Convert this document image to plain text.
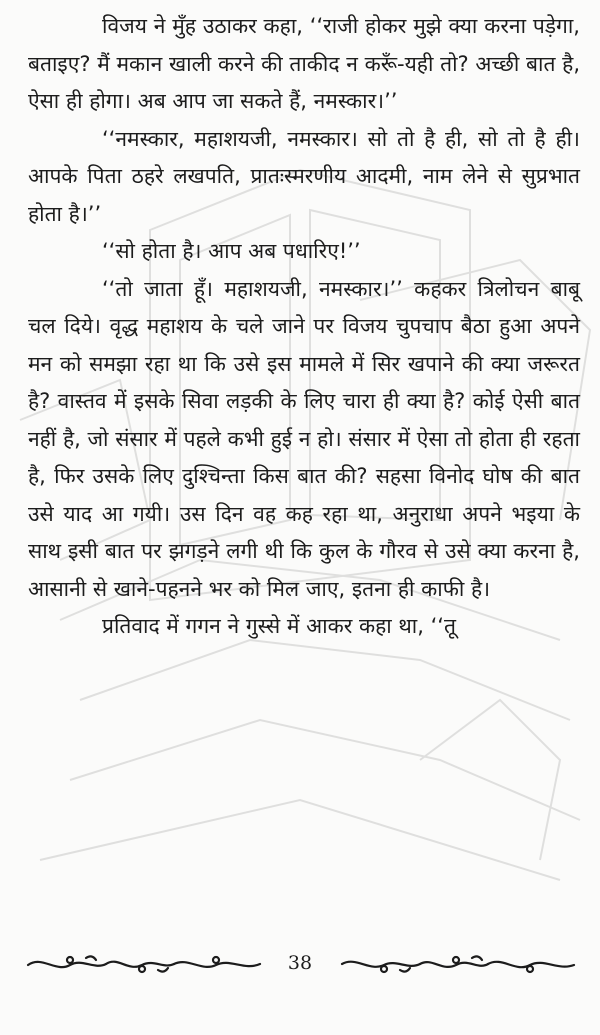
विजय ने मुँह उठाकर कहा, ‘‘राजी होकर मुझे क्या करना पड़ेगा, बताइए? मैं मकान खाली करने की ताकीद न करूँ-यही तो? अच्छी बात है, ऐसा ही होगा। अब आप जा सकते हैं, नमस्कार।’’

‘‘नमस्कार, महाशयजी, नमस्कार। सो तो है ही, सो तो है ही। आपके पिता ठहरे लखपति, प्रातःस्मरणीय आदमी, नाम लेने से सुप्रभात होता है।’’

‘‘सो होता है। आप अब पधारिए!’’

‘‘तो जाता हूँ। महाशयजी, नमस्कार।’’ कहकर त्रिलोचन बाबू चल दिये। वृद्ध महाशय के चले जाने पर विजय चुपचाप बैठा हुआ अपने मन को समझा रहा था कि उसे इस मामले में सिर खपाने की क्या जरूरत है? वास्तव में इसके सिवा लड़की के लिए चारा ही क्या है? कोई ऐसी बात नहीं है, जो संसार में पहले कभी हुई न हो। संसार में ऐसा तो होता ही रहता है, फिर उसके लिए दुश्चिन्ता किस बात की? सहसा विनोद घोष की बात उसे याद आ गयी। उस दिन वह कह रहा था, अनुराधा अपने भइया के साथ इसी बात पर झगड़ने लगी थी कि कुल के गौरव से उसे क्या करना है, आसानी से खाने-पहनने भर को मिल जाए, इतना ही काफी है।

प्रतिवाद में गगन ने गुस्से में आकर कहा था, ‘‘तू

38
